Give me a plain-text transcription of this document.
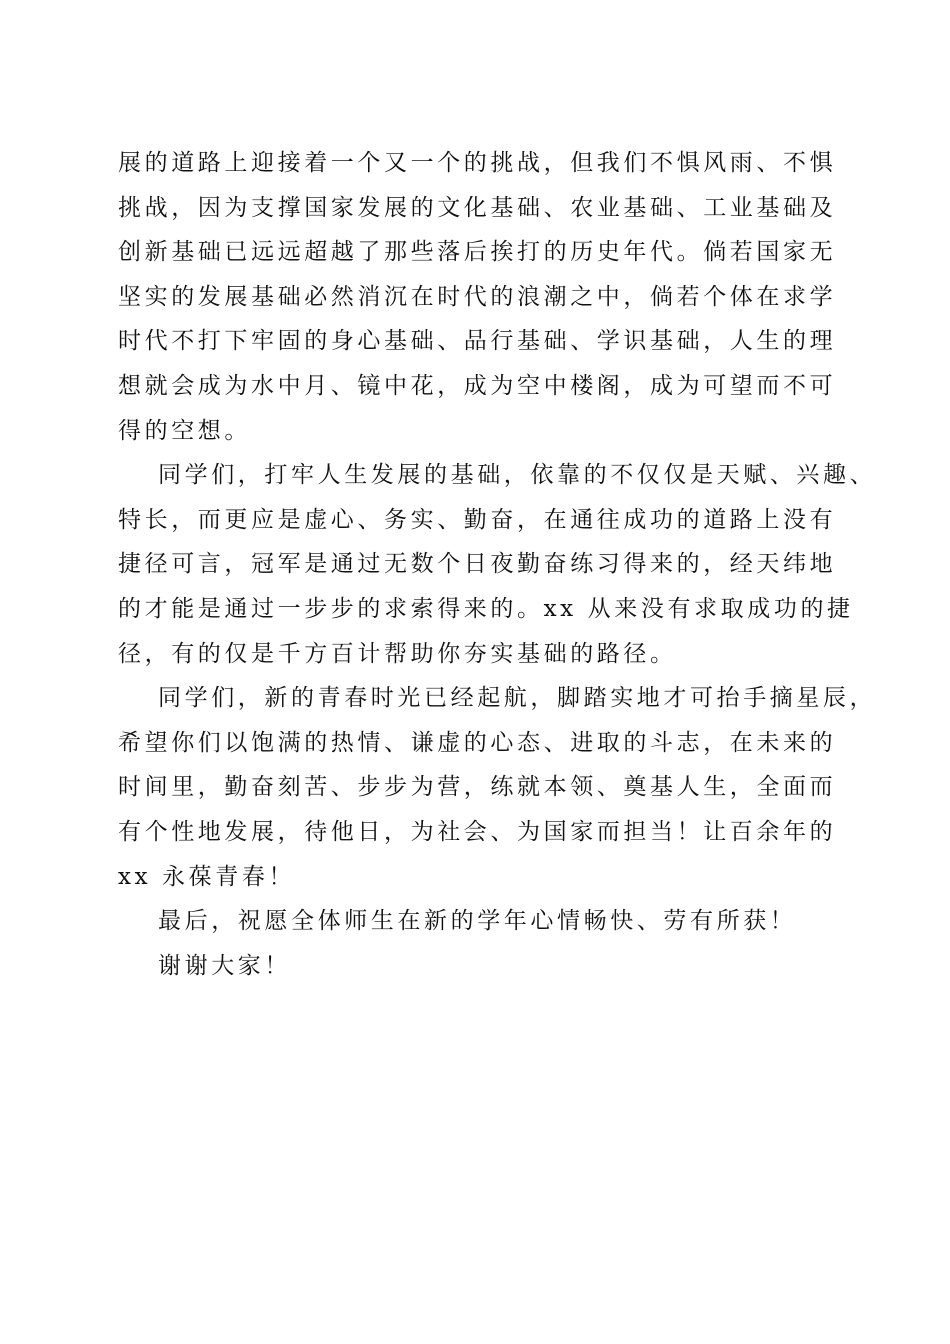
展的道路上迎接着一个又一个的挑战，但我们不惧风雨、不惧
挑战，因为支撑国家发展的文化基础、农业基础、工业基础及
创新基础已远远超越了那些落后挨打的历史年代。倘若国家无
坚实的发展基础必然消沉在时代的浪潮之中，倘若个体在求学
时代不打下牢固的身心基础、品行基础、学识基础，人生的理
想就会成为水中月、镜中花，成为空中楼阁，成为可望而不可
得的空想。
同学们，打牢人生发展的基础，依靠的不仅仅是天赋、兴趣、
特长，而更应是虚心、务实、勤奋，在通往成功的道路上没有
捷径可言，冠军是通过无数个日夜勤奋练习得来的，经天纬地
的才能是通过一步步的求索得来的。xx 从来没有求取成功的捷
径，有的仅是千方百计帮助你夯实基础的路径。
同学们，新的青春时光已经起航，脚踏实地才可抬手摘星辰，
希望你们以饱满的热情、谦虚的心态、进取的斗志，在未来的
时间里，勤奋刻苦、步步为营，练就本领、奠基人生，全面而
有个性地发展，待他日，为社会、为国家而担当！让百余年的
xx 永葆青春！
最后，祝愿全体师生在新的学年心情畅快、劳有所获！
谢谢大家！
